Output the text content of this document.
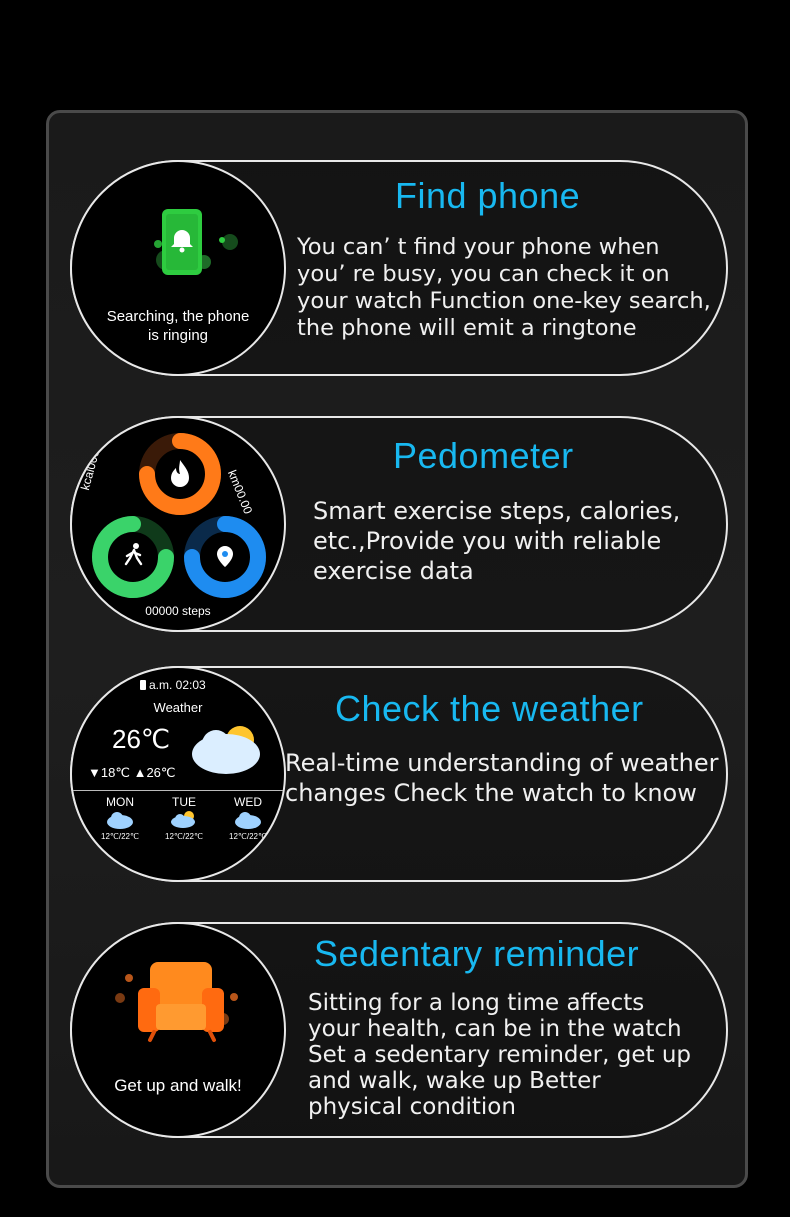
Searching, the phone
is ringing
Find phone
You can’ t find your phone when
you’ re busy, you can check it on
your watch Function one-key search,
the phone will emit a ringtone
kcal00000
km00.00
00000 steps
Pedometer
Smart exercise steps, calories,
etc.,Provide you with reliable
exercise data
a.m. 02:03
Weather
26℃
▼18℃ ▲26℃
MON
12℃/22℃
TUE
12℃/22℃
WED
12℃/22℃
Check the weather
Real-time understanding of weather
changes Check the watch to know
Get up and walk!
Sedentary reminder
Sitting for a long time affects
your health, can be in the watch
Set a sedentary reminder, get up
and walk, wake up Better
physical condition
